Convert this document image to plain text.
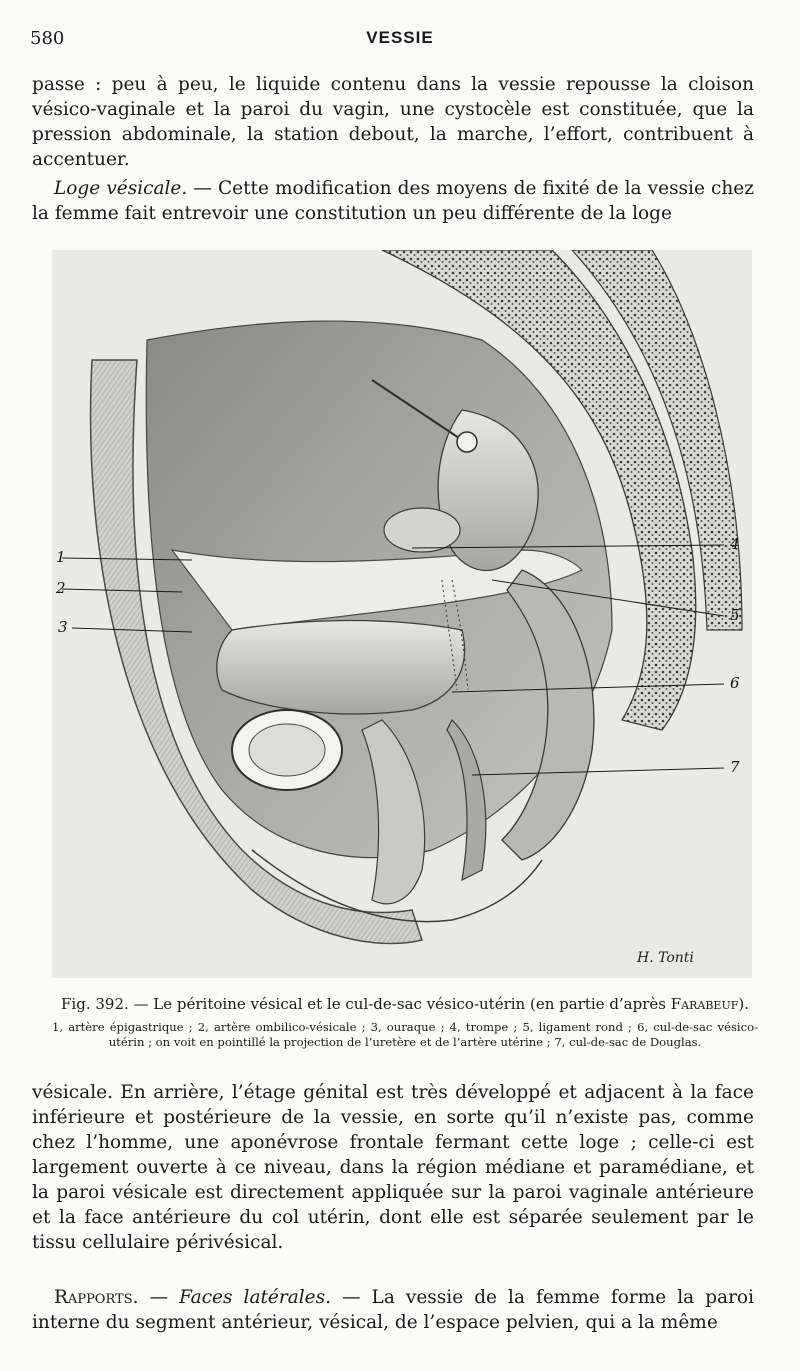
580	VESSIE

passe : peu à peu, le liquide contenu dans la vessie repousse la cloison vésico-vaginale et la paroi du vagin, une cystocèle est constituée, que la pression abdominale, la station debout, la marche, l’effort, contribuent à accentuer.

Loge vésicale. — Cette modification des moyens de fixité de la vessie chez la femme fait entrevoir une constitution un peu différente de la loge

1
2
3
4
5
6
7
H. Tonti
Fig. 392. — Le péritoine vésical et le cul-de-sac vésico-utérin (en partie d’après Farabeuf).
1, artère épigastrique ; 2, artère ombilico-vésicale ; 3, ouraque ; 4, trompe ; 5, ligament rond ; 6, cul-de-sac vésico-utérin ; on voit en pointillé la projection de l’uretère et de l’artère utérine ; 7, cul-de-sac de Douglas.

vésicale. En arrière, l’étage génital est très développé et adjacent à la face inférieure et postérieure de la vessie, en sorte qu’il n’existe pas, comme chez l’homme, une aponévrose frontale fermant cette loge ; celle-ci est largement ouverte à ce niveau, dans la région médiane et paramédiane, et la paroi vésicale est directement appliquée sur la paroi vaginale antérieure et la face antérieure du col utérin, dont elle est séparée seulement par le tissu cellulaire périvésical.

Rapports. — Faces latérales. — La vessie de la femme forme la paroi interne du segment antérieur, vésical, de l’espace pelvien, qui a la même
